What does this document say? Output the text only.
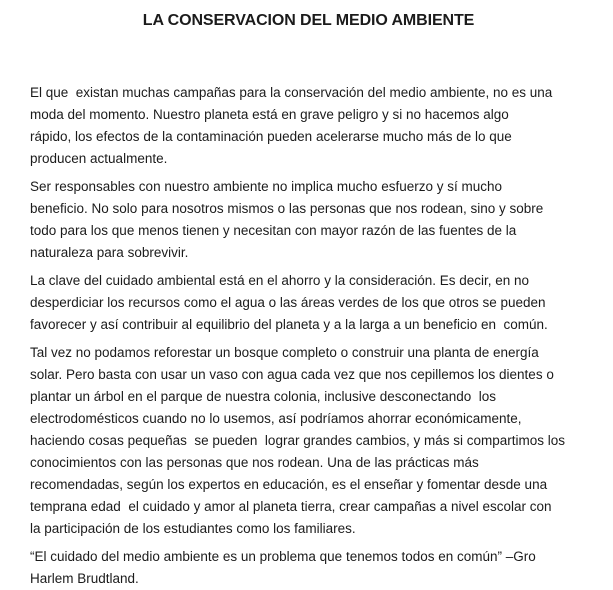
LA CONSERVACION DEL MEDIO AMBIENTE

El que  existan muchas campañas para la conservación del medio ambiente, no es una
moda del momento. Nuestro planeta está en grave peligro y si no hacemos algo
rápido, los efectos de la contaminación pueden acelerarse mucho más de lo que
producen actualmente.

Ser responsables con nuestro ambiente no implica mucho esfuerzo y sí mucho
beneficio. No solo para nosotros mismos o las personas que nos rodean, sino y sobre
todo para los que menos tienen y necesitan con mayor razón de las fuentes de la
naturaleza para sobrevivir.

La clave del cuidado ambiental está en el ahorro y la consideración. Es decir, en no
desperdiciar los recursos como el agua o las áreas verdes de los que otros se pueden
favorecer y así contribuir al equilibrio del planeta y a la larga a un beneficio en  común.

Tal vez no podamos reforestar un bosque completo o construir una planta de energía
solar. Pero basta con usar un vaso con agua cada vez que nos cepillemos los dientes o
plantar un árbol en el parque de nuestra colonia, inclusive desconectando  los
electrodomésticos cuando no lo usemos, así podríamos ahorrar económicamente,
haciendo cosas pequeñas  se pueden  lograr grandes cambios, y más si compartimos los
conocimientos con las personas que nos rodean. Una de las prácticas más
recomendadas, según los expertos en educación, es el enseñar y fomentar desde una
temprana edad  el cuidado y amor al planeta tierra, crear campañas a nivel escolar con
la participación de los estudiantes como los familiares.

“El cuidado del medio ambiente es un problema que tenemos todos en común” –Gro
Harlem Brudtland.
